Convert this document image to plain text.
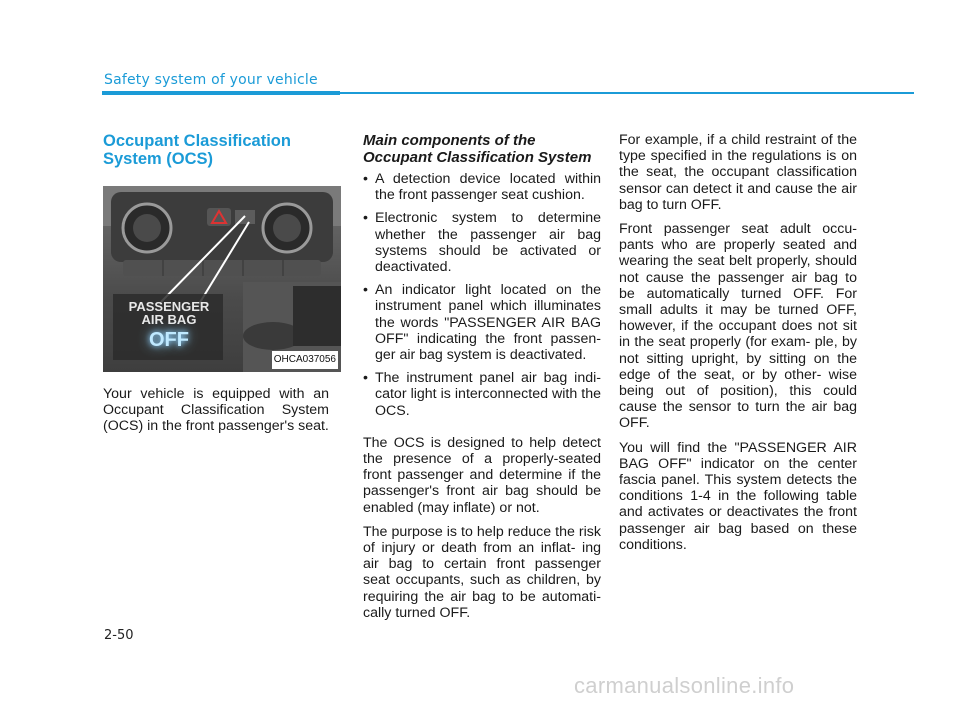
Safety system of your vehicle
Occupant Classification System (OCS)
PASSENGER
AIR BAG
OFF
OHCA037056

Your vehicle is equipped with an Occupant Classification System (OCS) in the front passenger's seat.

Main components of the Occupant Classification System
• A detection device located within the front passenger seat cushion.
• Electronic system to determine whether the passenger air bag systems should be activated or deactivated.
• An indicator light located on the instrument panel which illuminates the words "PASSENGER AIR BAG OFF" indicating the front passen- ger air bag system is deactivated.
• The instrument panel air bag indi- cator light is interconnected with the OCS.

The OCS is designed to help detect the presence of a properly-seated front passenger and determine if the passenger's front air bag should be enabled (may inflate) or not.

The purpose is to help reduce the risk of injury or death from an inflat- ing air bag to certain front passenger seat occupants, such as children, by requiring the air bag to be automati- cally turned OFF.

For example, if a child restraint of the type specified in the regulations is on the seat, the occupant classification sensor can detect it and cause the air bag to turn OFF.

Front passenger seat adult occu- pants who are properly seated and wearing the seat belt properly, should not cause the passenger air bag to be automatically turned OFF. For small adults it may be turned OFF, however, if the occupant does not sit in the seat properly (for exam- ple, by not sitting upright, by sitting on the edge of the seat, or by other- wise being out of position), this could cause the sensor to turn the air bag OFF.

You will find the "PASSENGER AIR BAG OFF" indicator on the center fascia panel. This system detects the conditions 1-4 in the following table and activates or deactivates the front passenger air bag based on these conditions.

2-50
carmanualsonline.info
